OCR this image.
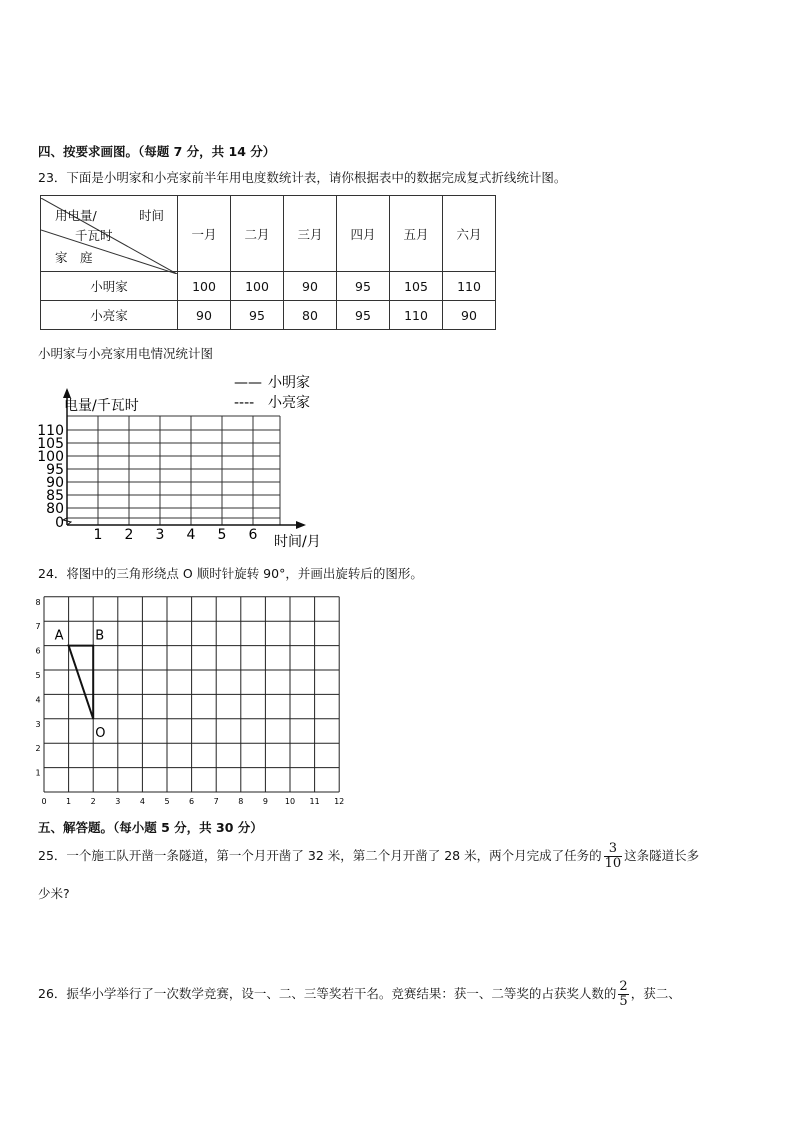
四、按要求画图。（每题 7 分，共 14 分）
23．下面是小明家和小亮家前半年用电度数统计表，请你根据表中的数据完成复式折线统计图。
用电量/ 时间
千瓦时
家　庭	一月	二月	三月	四月	五月	六月
小明家	100	100	90	95	105	110
小亮家	90	95	80	95	110	90
小明家与小亮家用电情况统计图
电量/千瓦时
时间/月
—— 小明家
---- 小亮家
110
105
100
95
90
85
80
0
1 2 3 4 5 6
24．将图中的三角形绕点 O 顺时针旋转 90°，并画出旋转后的图形。
0 1 2 3 4 5 6 7 8 9 10 11 12
1
2
3
4
5
6
7
8
A B
O
五、解答题。（每小题 5 分，共 30 分）
25．一个施工队开凿一条隧道，第一个月开凿了 32 米，第二个月开凿了 28 米，两个月完成了任务的 $\frac{3}{10}$ 这条隧道长多
少米?
26．振华小学举行了一次数学竞赛，设一、二、三等奖若干名。竞赛结果：获一、二等奖的占获奖人数的 $\frac{2}{5}$ ，获二、
